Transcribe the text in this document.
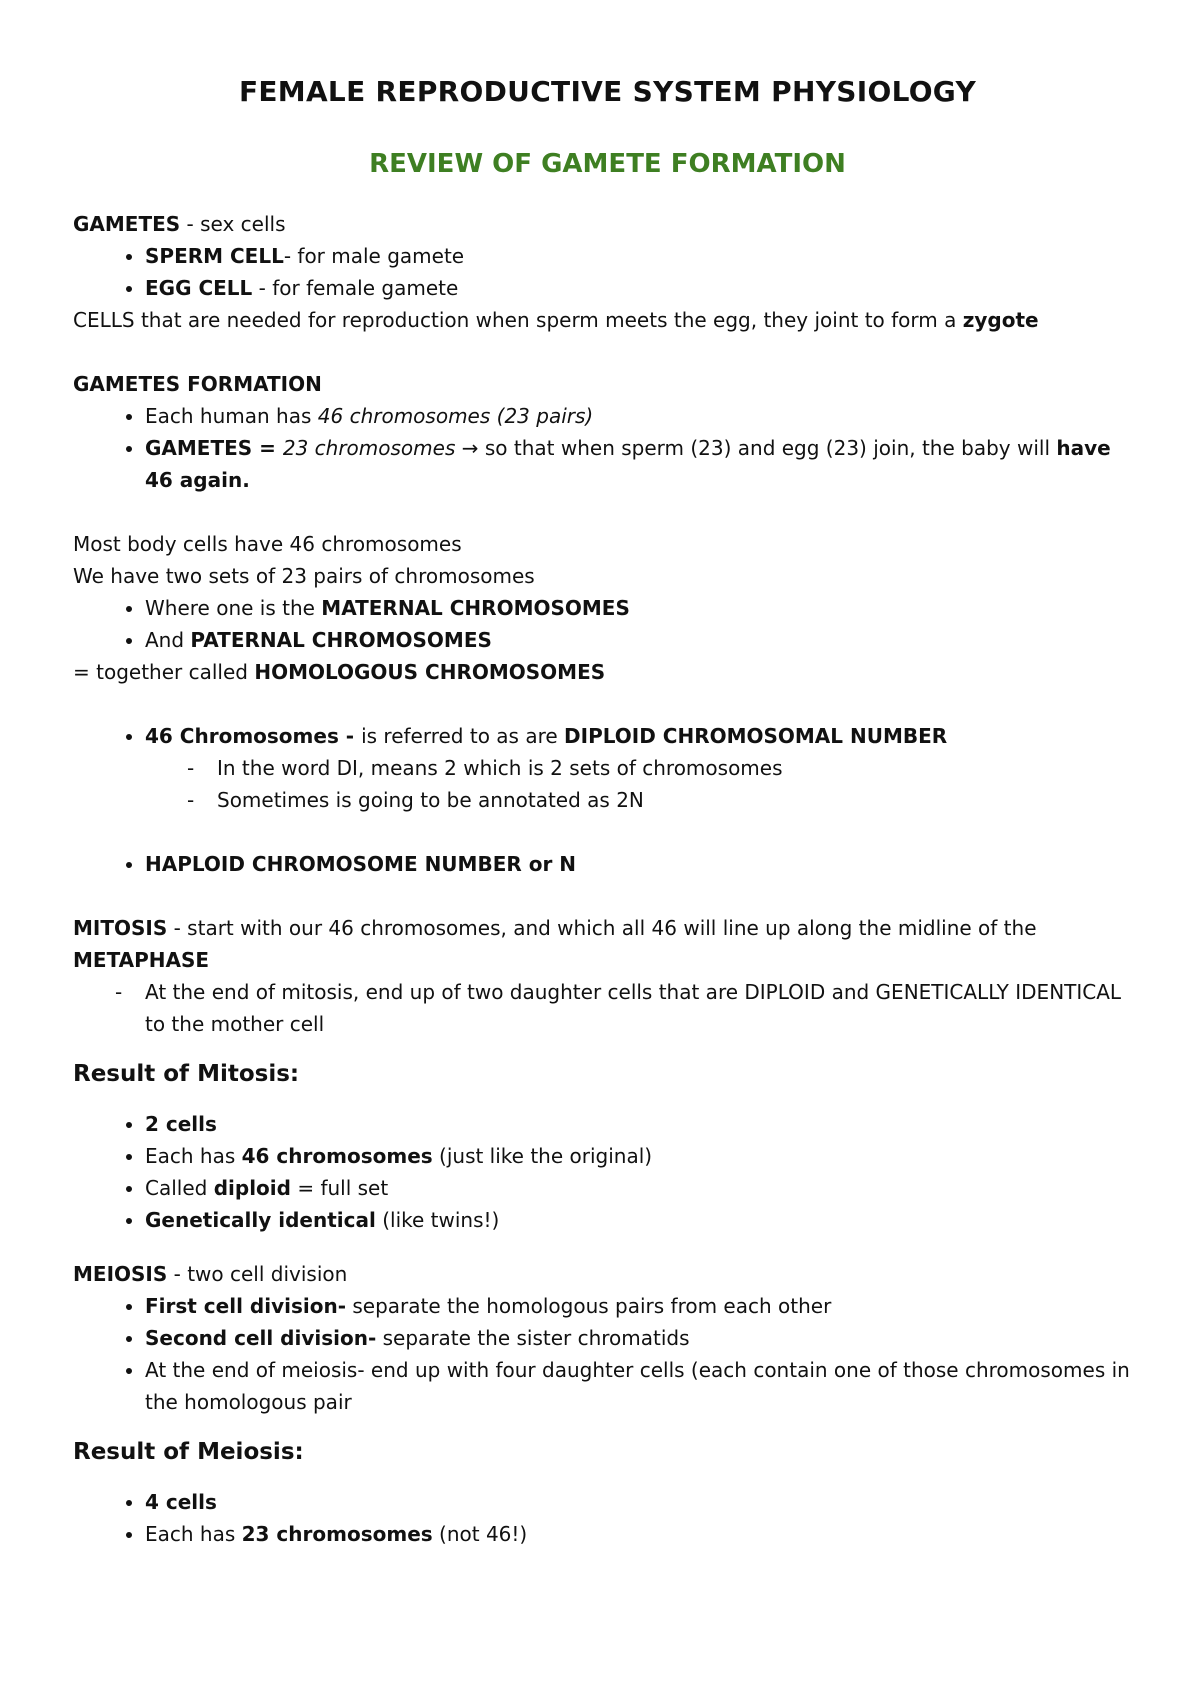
FEMALE REPRODUCTIVE SYSTEM PHYSIOLOGY
REVIEW OF GAMETE FORMATION

GAMETES - sex cells

• SPERM CELL- for male gamete
• EGG CELL - for female gamete

CELLS that are needed for reproduction when sperm meets the egg, they joint to form a zygote

GAMETES FORMATION

• Each human has 46 chromosomes (23 pairs)
• GAMETES = 23 chromosomes → so that when sperm (23) and egg (23) join, the baby will have 46 again.

Most body cells have 46 chromosomes

We have two sets of 23 pairs of chromosomes

• Where one is the MATERNAL CHROMOSOMES
• And PATERNAL CHROMOSOMES

= together called HOMOLOGOUS CHROMOSOMES

• 46 Chromosomes - is referred to as are DIPLOID CHROMOSOMAL NUMBER
- In the word DI, means 2 which is 2 sets of chromosomes
- Sometimes is going to be annotated as 2N
• HAPLOID CHROMOSOME NUMBER or N

MITOSIS - start with our 46 chromosomes, and which all 46 will line up along the midline of the

METAPHASE

- At the end of mitosis, end up of two daughter cells that are DIPLOID and GENETICALLY IDENTICAL to the mother cell
Result of Mitosis:
• 2 cells
• Each has 46 chromosomes (just like the original)
• Called diploid = full set
• Genetically identical (like twins!)

MEIOSIS - two cell division

• First cell division- separate the homologous pairs from each other
• Second cell division- separate the sister chromatids
• At the end of meiosis- end up with four daughter cells (each contain one of those chromosomes in the homologous pair
Result of Meiosis:
• 4 cells
• Each has 23 chromosomes (not 46!)
